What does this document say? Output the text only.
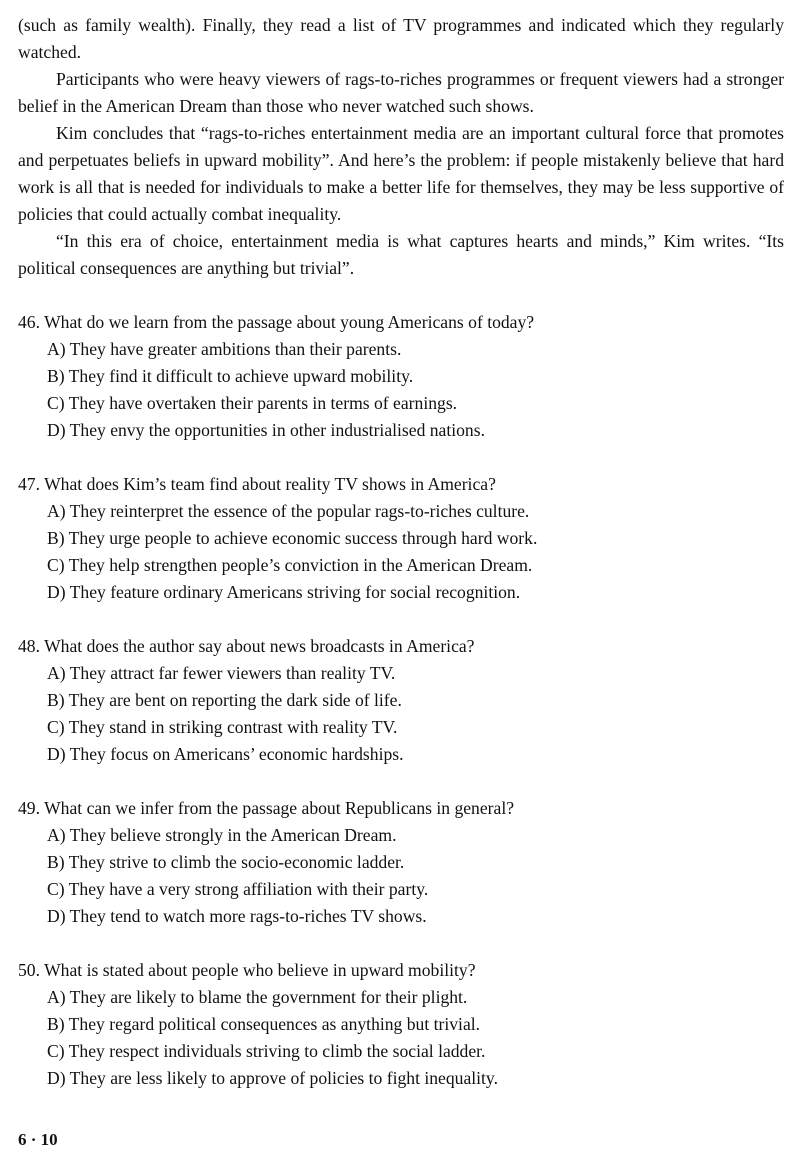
(such as family wealth). Finally, they read a list of TV programmes and indicated which they regularly watched.

Participants who were heavy viewers of rags-to-riches programmes or frequent viewers had a stronger belief in the American Dream than those who never watched such shows.

Kim concludes that “rags-to-riches entertainment media are an important cultural force that promotes and perpetuates beliefs in upward mobility”. And here’s the problem: if people mistakenly believe that hard work is all that is needed for individuals to make a better life for themselves, they may be less supportive of policies that could actually combat inequality.

“In this era of choice, entertainment media is what captures hearts and minds,” Kim writes. “Its political consequences are anything but trivial”.

46. What do we learn from the passage about young Americans of today?

A) They have greater ambitions than their parents.
B) They find it difficult to achieve upward mobility.
C) They have overtaken their parents in terms of earnings.
D) They envy the opportunities in other industrialised nations.

47. What does Kim’s team find about reality TV shows in America?

A) They reinterpret the essence of the popular rags-to-riches culture.
B) They urge people to achieve economic success through hard work.
C) They help strengthen people’s conviction in the American Dream.
D) They feature ordinary Americans striving for social recognition.

48. What does the author say about news broadcasts in America?

A) They attract far fewer viewers than reality TV.
B) They are bent on reporting the dark side of life.
C) They stand in striking contrast with reality TV.
D) They focus on Americans’ economic hardships.

49. What can we infer from the passage about Republicans in general?

A) They believe strongly in the American Dream.
B) They strive to climb the socio-economic ladder.
C) They have a very strong affiliation with their party.
D) They tend to watch more rags-to-riches TV shows.

50. What is stated about people who believe in upward mobility?

A) They are likely to blame the government for their plight.
B) They regard political consequences as anything but trivial.
C) They respect individuals striving to climb the social ladder.
D) They are less likely to approve of policies to fight inequality.
6 · 10
